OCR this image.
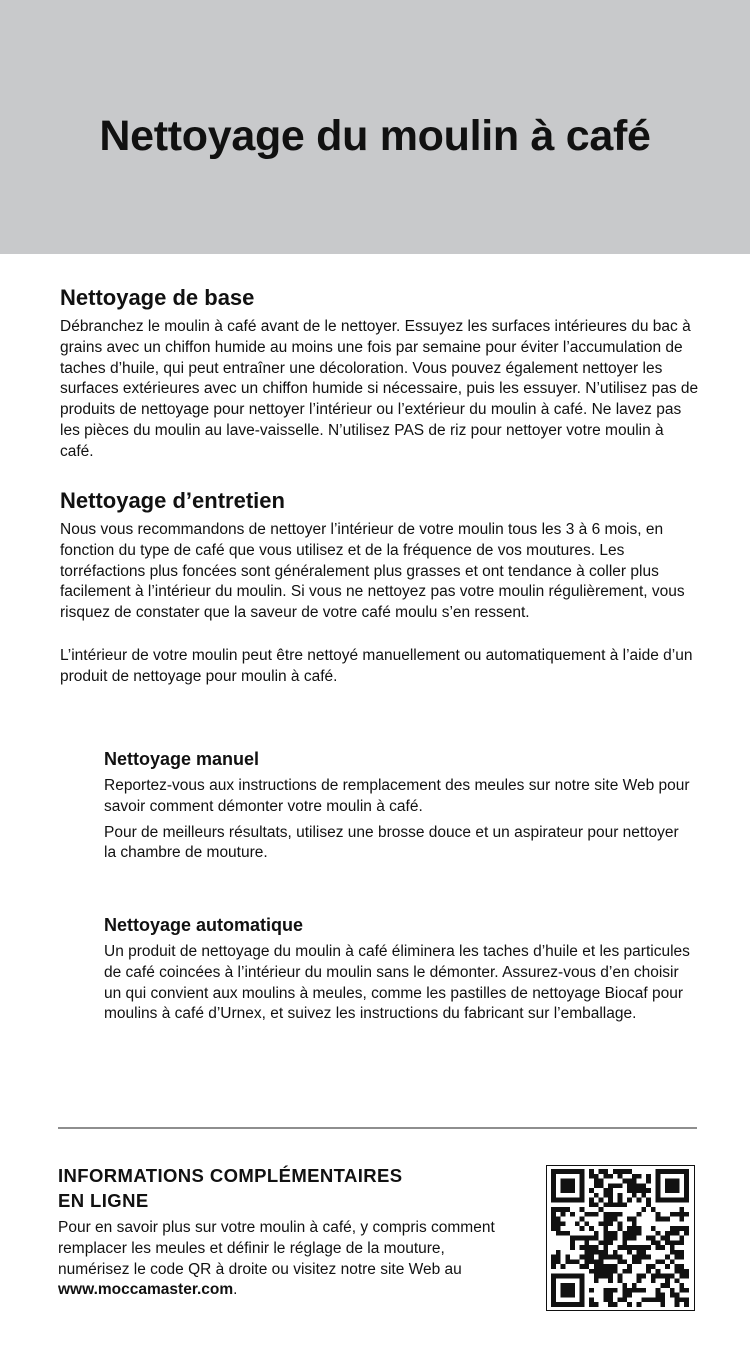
Nettoyage du moulin à café
Nettoyage de base

Débranchez le moulin à café avant de le nettoyer. Essuyez les surfaces intérieures du bac à grains avec un chiffon humide au moins une fois par semaine pour éviter l’accumulation de taches d’huile, qui peut entraîner une décoloration. Vous pouvez également nettoyer les surfaces extérieures avec un chiffon humide si nécessaire, puis les essuyer. N’utilisez pas de produits de nettoyage pour nettoyer l’intérieur ou l’extérieur du moulin à café. Ne lavez pas les pièces du moulin au lave-vaisselle. N’utilisez PAS de riz pour nettoyer votre moulin à café.

Nettoyage d’entretien

Nous vous recommandons de nettoyer l’intérieur de votre moulin tous les 3 à 6 mois, en fonction du type de café que vous utilisez et de la fréquence de vos moutures. Les torréfactions plus foncées sont généralement plus grasses et ont tendance à coller plus facilement à l’intérieur du moulin. Si vous ne nettoyez pas votre moulin régulièrement, vous risquez de constater que la saveur de votre café moulu s’en ressent.

L’intérieur de votre moulin peut être nettoyé manuellement ou automatiquement à l’aide d’un produit de nettoyage pour moulin à café.

Nettoyage manuel

Reportez-vous aux instructions de remplacement des meules sur notre site Web pour savoir comment démonter votre moulin à café.

Pour de meilleurs résultats, utilisez une brosse douce et un aspirateur pour nettoyer la chambre de mouture.

Nettoyage automatique

Un produit de nettoyage du moulin à café éliminera les taches d’huile et les particules de café coincées à l’intérieur du moulin sans le démonter. Assurez-vous d’en choisir un qui convient aux moulins à meules, comme les pastilles de nettoyage Biocaf pour moulins à café d’Urnex, et suivez les instructions du fabricant sur l’emballage.

INFORMATIONS COMPLÉMENTAIRES
EN LIGNE

Pour en savoir plus sur votre moulin à café, y compris comment remplacer les meules et définir le réglage de la mouture, numérisez le code QR à droite ou visitez notre site Web au www.moccamaster.com.
